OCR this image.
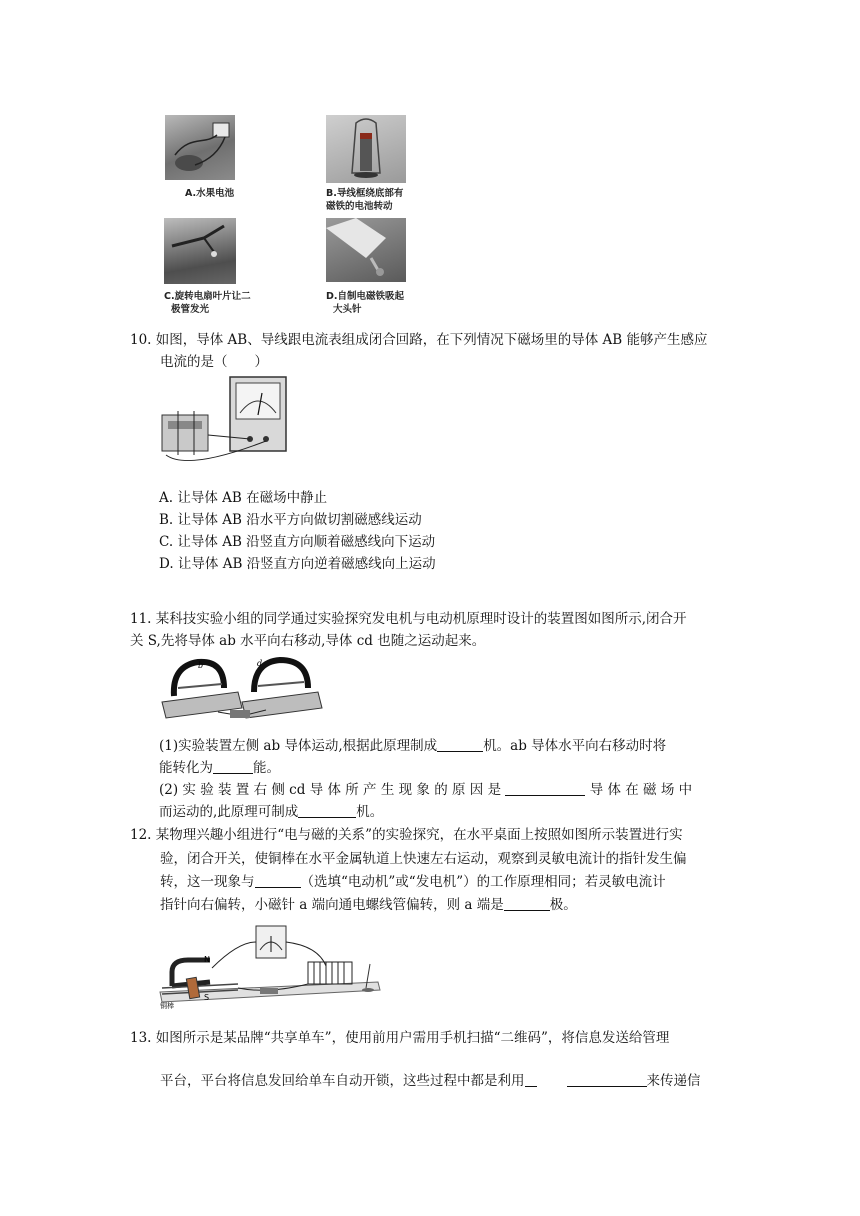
A.水果电池	B.导线框绕底部有
磁铁的电池转动
C.旋转电扇叶片让二
极管发光
D.自制电磁铁吸起
大头针
10. 如图，导体 AB、导线跟电流表组成闭合回路，在下列情况下磁场里的导体 AB 能够产生感应
电流的是（　　）
A. 让导体 AB 在磁场中静止
B. 让导体 AB 沿水平方向做切割磁感线运动
C. 让导体 AB 沿竖直方向顺着磁感线向下运动
D. 让导体 AB 沿竖直方向逆着磁感线向上运动
11. 某科技实验小组的同学通过实验探究发电机与电动机原理时设计的装置图如图所示,闭合开
关 S,先将导体 ab 水平向右移动,导体 cd 也随之运动起来。
b	d
(1)实验装置左侧 ab 导体运动,根据此原理制成	机。ab 导体水平向右移动时将
能转化为	能。
(2) 实 验 装 置 右 侧 cd 导 体 所 产 生 现 象 的 原 因 是	导 体 在 磁 场 中
而运动的,此原理可制成	机。
12. 某物理兴趣小组进行“电与磁的关系”的实验探究，在水平桌面上按照如图所示装置进行实
验，闭合开关，使铜棒在水平金属轨道上快速左右运动，观察到灵敏电流计的指针发生偏
转，这一现象与	（选填“电动机”或“发电机”）的工作原理相同；若灵敏电流计
指针向右偏转，小磁针 a 端向通电螺线管偏转，则 a 端是	极。
N
S
铜棒
13. 如图所示是某品牌“共享单车”，使用前用户需用手机扫描“二维码”，将信息发送给管理
平台，平台将信息发回给单车自动开锁，这些过程中都是利用	来传递信
